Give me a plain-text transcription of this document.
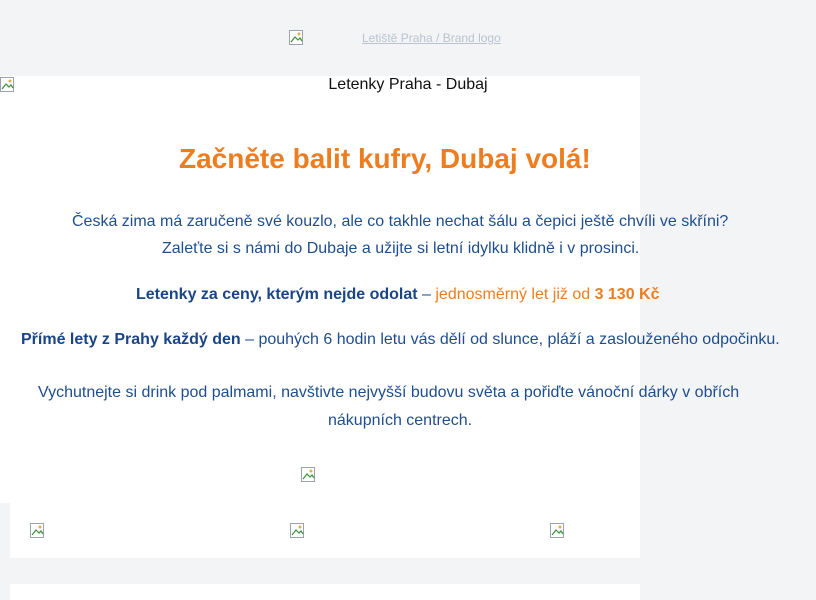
Letiště Praha / Brand logo
Letenky Praha - Dubaj
Začněte balit kufry, Dubaj volá!
Česká zima má zaručeně své kouzlo, ale co takhle nechat šálu a čepici ještě chvíli ve skříni?
Zaleťte si s námi do Dubaje a užijte si letní idylku klidně i v prosinci.
Letenky za ceny, kterým nejde odolat – jednosměrný let již od 3 130 Kč
Přímé lety z Prahy každý den – pouhých 6 hodin letu vás dělí od slunce, pláží a zaslouženého odpočinku.
Vychutnejte si drink pod palmami, navštivte nejvyšší budovu světa a pořiďte vánoční dárky v obřích
nákupních centrech.
